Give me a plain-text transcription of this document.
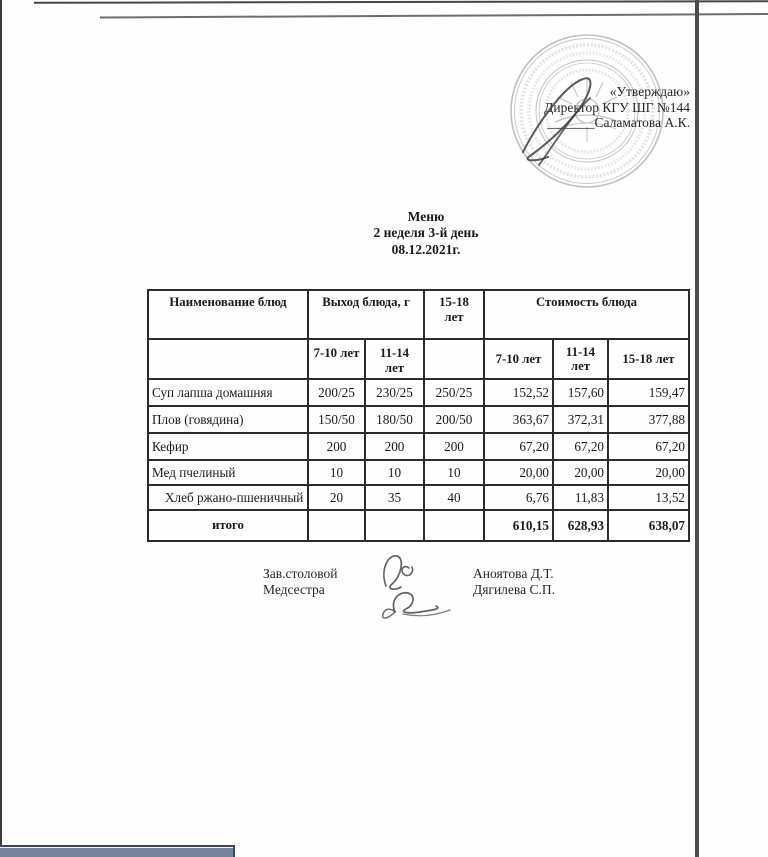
«Утверждаю»
Директор КГУ ШГ №144
_______Саламатова А.К.
Меню
2 неделя 3-й день
08.12.2021г.
Наименование блюд	Выход блюда, г		15-18 лет	Стоимость блюда		
	7-10 лет	11-14 лет		7-10 лет	11-14 лет	15-18 лет
Суп лапша домашняя	200/25	230/25	250/25	152,52	157,60	159,47
Плов (говядина)	150/50	180/50	200/50	363,67	372,31	377,88
Кефир	200	200	200	67,20	67,20	67,20
Мед пчелиный	10	10	10	20,00	20,00	20,00
Хлеб ржано-пшеничный	20	35	40	6,76	11,83	13,52
итого				610,15	628,93	638,07
Зав.столовой
Медсестра
Аноятова Д.Т.
Дягилева С.П.
